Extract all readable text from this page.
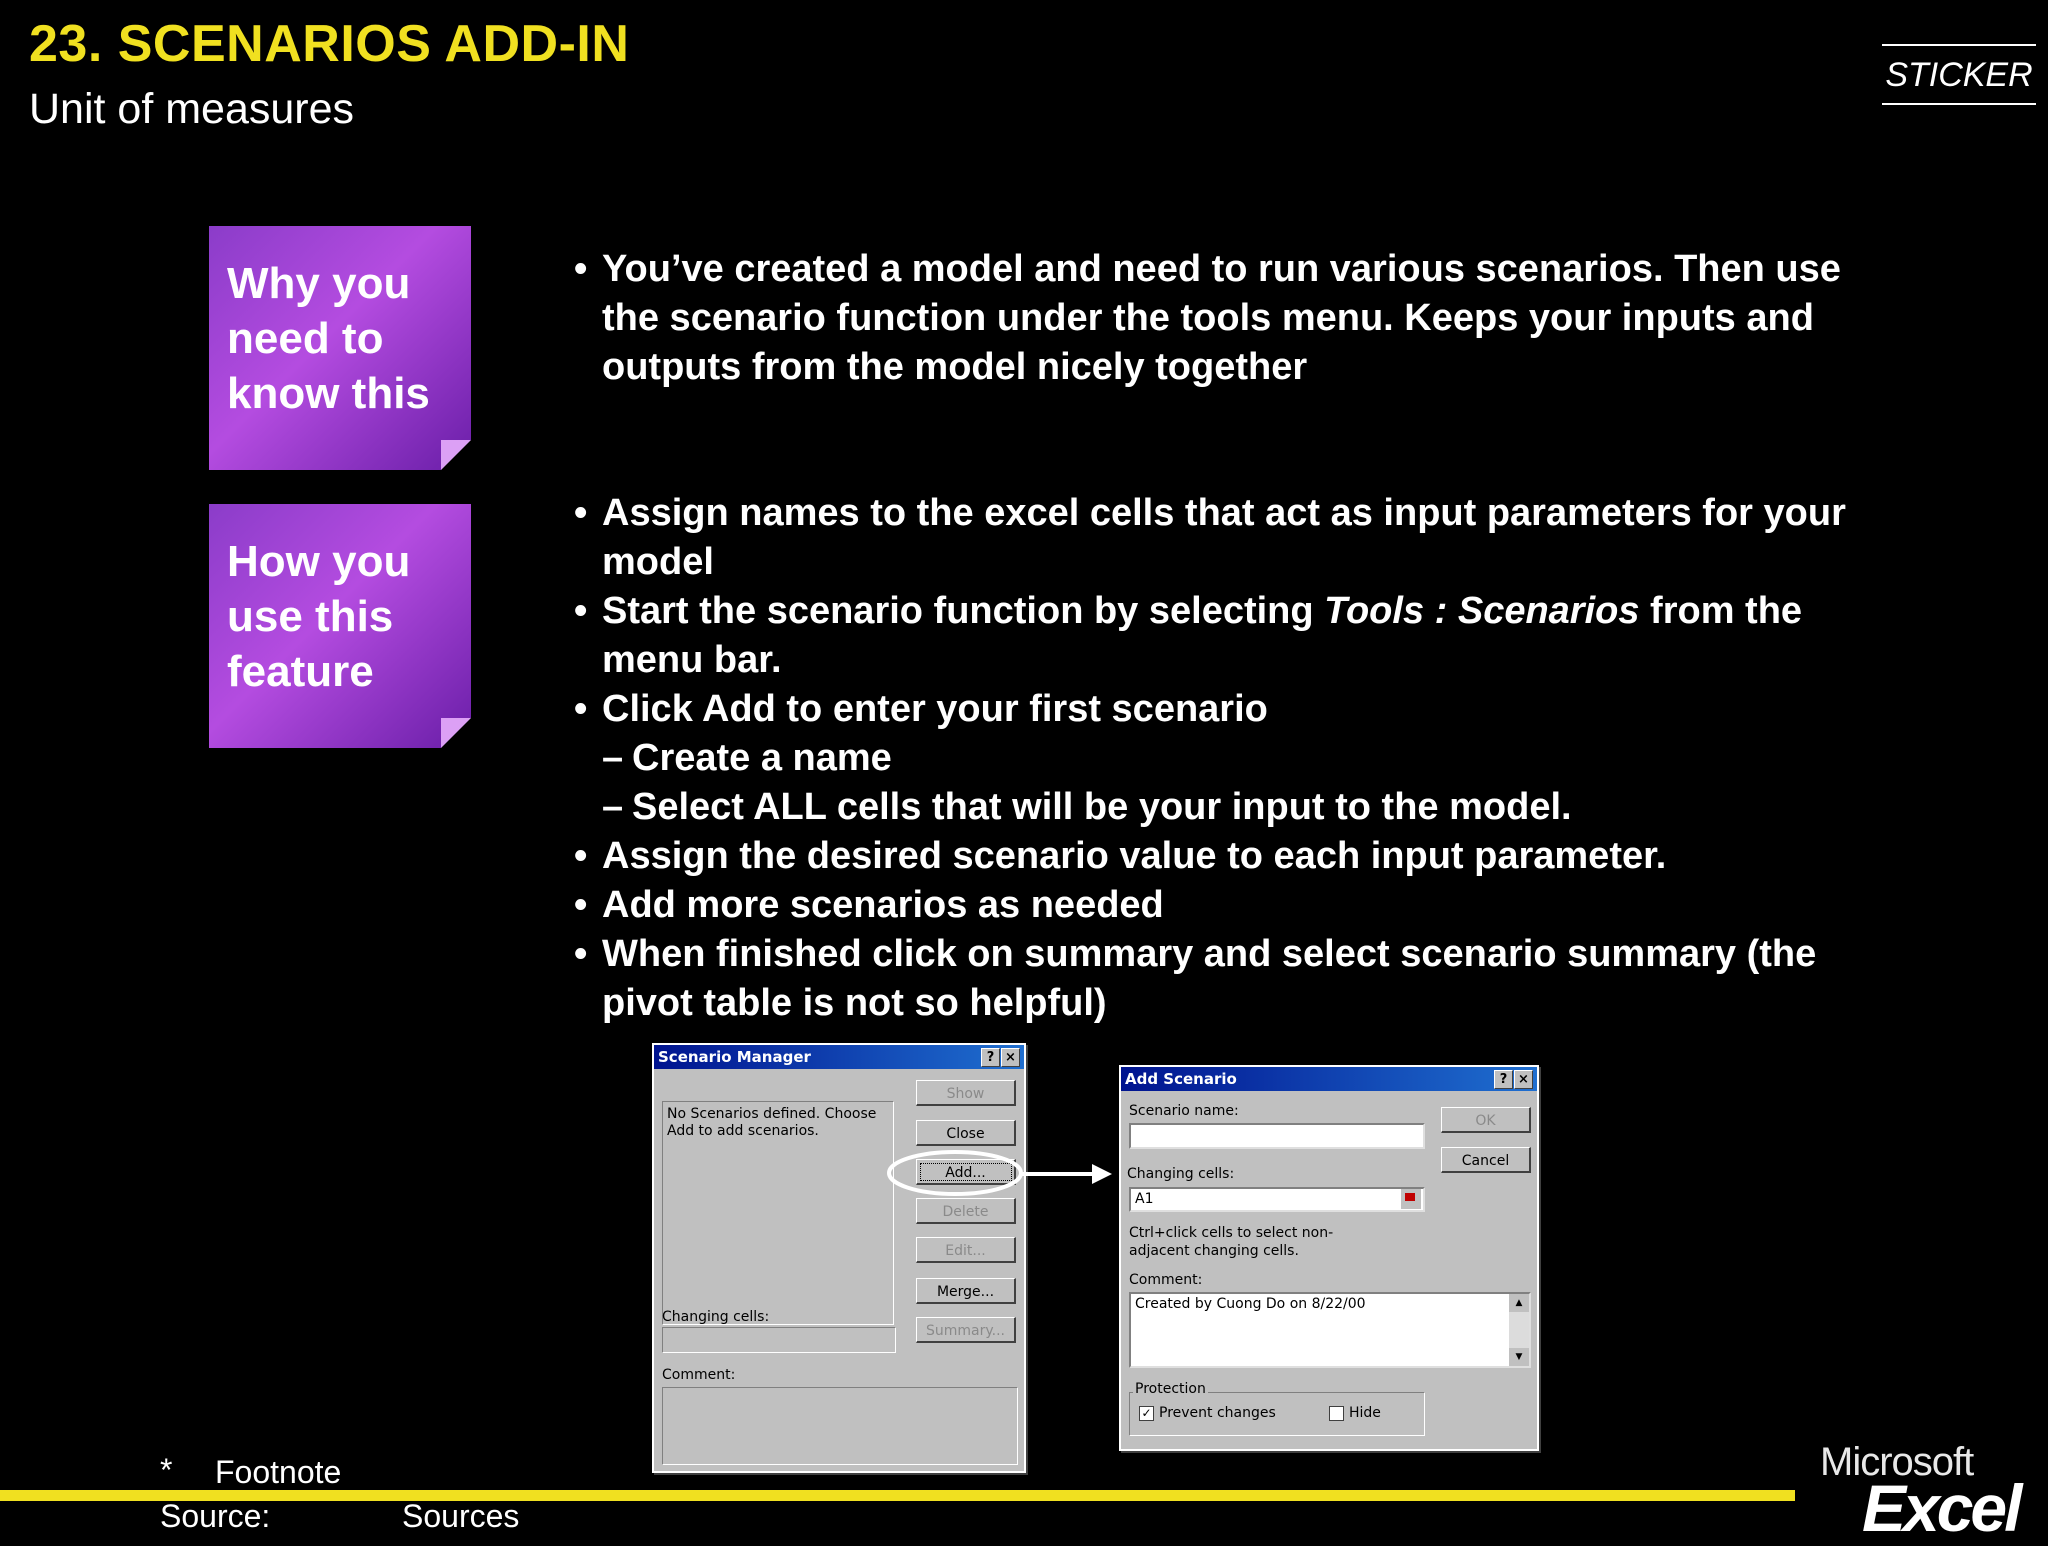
23. SCENARIOS ADD-IN
Unit of measures
STICKER
Why you need to know this
How you use this feature
• You’ve created a model and need to run various scenarios. Then use the scenario function under the tools menu. Keeps your inputs and outputs from the model nicely together
• Assign names to the excel cells that act as input parameters for your model
• Start the scenario function by selecting Tools : Scenarios from the menu bar.
• Click Add to enter your first scenario
– Create a name
– Select ALL cells that will be your input to the model.
• Assign the desired scenario value to each input parameter.
• Add more scenarios as needed
• When finished click on summary and select scenario summary (the pivot table is not so helpful)
Scenario Manager	? ×
No Scenarios defined. Choose Add to add scenarios.
Show
Close
Add...
Delete
Edit...
Merge...
Summary...
Changing cells:
Comment:
Add Scenario	? ×
Scenario name:
Changing cells:
A1
Ctrl+click cells to select non-adjacent changing cells.
Comment:
Created by Cuong Do on 8/22/00	▲
▼
Protection
✓ Prevent changes	Hide
OK
Cancel
* Footnote
Source:	Sources
Microsoft
Excel
